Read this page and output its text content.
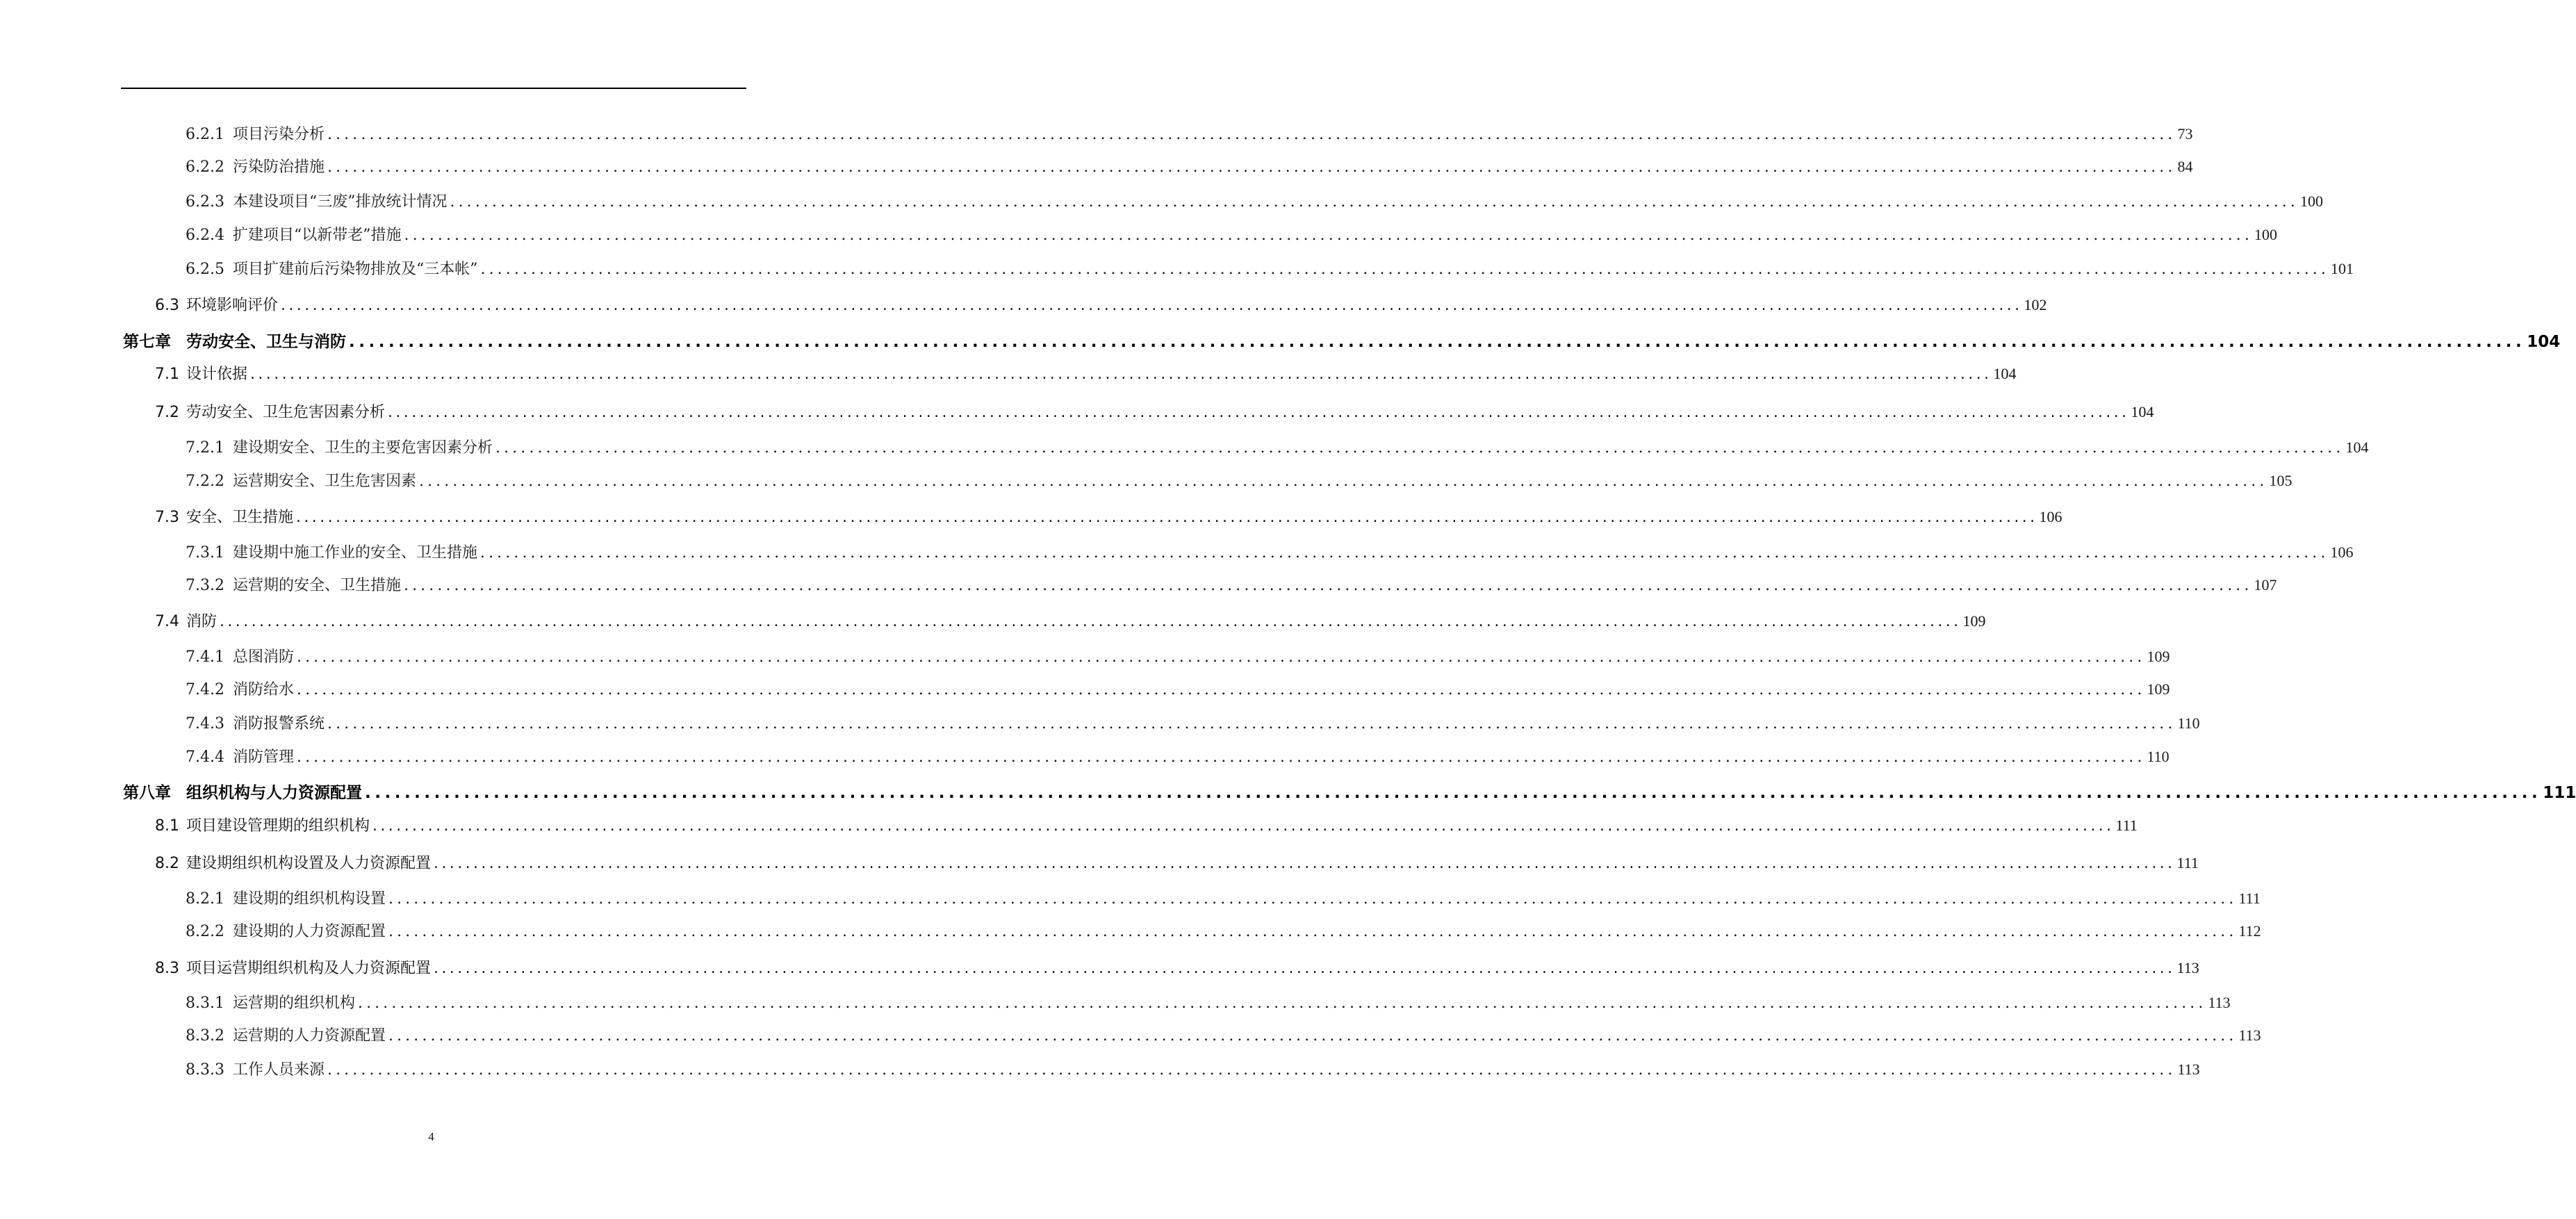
6.2.1 项目污染分析 ............................................................................................................................................................................................................................ 73
6.2.2 污染防治措施 ............................................................................................................................................................................................................................ 84
6.2.3 本建设项目“三废”排放统计情况 ............................................................................................................................................................................................................................ 100
6.2.4 扩建项目“以新带老”措施 ............................................................................................................................................................................................................................ 100
6.2.5 项目扩建前后污染物排放及“三本帐” ............................................................................................................................................................................................................................ 101
6.3 环境影响评价 ............................................................................................................................................................................................................................ 102
第七章 劳动安全、卫生与消防 ............................................................................................................................................................................................................................ 104
7.1 设计依据 ............................................................................................................................................................................................................................ 104
7.2 劳动安全、卫生危害因素分析 ............................................................................................................................................................................................................................ 104
7.2.1 建设期安全、卫生的主要危害因素分析 ............................................................................................................................................................................................................................ 104
7.2.2 运营期安全、卫生危害因素 ............................................................................................................................................................................................................................ 105
7.3 安全、卫生措施 ............................................................................................................................................................................................................................ 106
7.3.1 建设期中施工作业的安全、卫生措施 ............................................................................................................................................................................................................................ 106
7.3.2 运营期的安全、卫生措施 ............................................................................................................................................................................................................................ 107
7.4 消防 ............................................................................................................................................................................................................................ 109
7.4.1 总图消防 ............................................................................................................................................................................................................................ 109
7.4.2 消防给水 ............................................................................................................................................................................................................................ 109
7.4.3 消防报警系统 ............................................................................................................................................................................................................................ 110
7.4.4 消防管理 ............................................................................................................................................................................................................................ 110
第八章 组织机构与人力资源配置 ............................................................................................................................................................................................................................ 111
8.1 项目建设管理期的组织机构 ............................................................................................................................................................................................................................ 111
8.2 建设期组织机构设置及人力资源配置 ............................................................................................................................................................................................................................ 111
8.2.1 建设期的组织机构设置 ............................................................................................................................................................................................................................ 111
8.2.2 建设期的人力资源配置 ............................................................................................................................................................................................................................ 112
8.3 项目运营期组织机构及人力资源配置 ............................................................................................................................................................................................................................ 113
8.3.1 运营期的组织机构 ............................................................................................................................................................................................................................ 113
8.3.2 运营期的人力资源配置 ............................................................................................................................................................................................................................ 113
8.3.3 工作人员来源 ............................................................................................................................................................................................................................ 113
4
